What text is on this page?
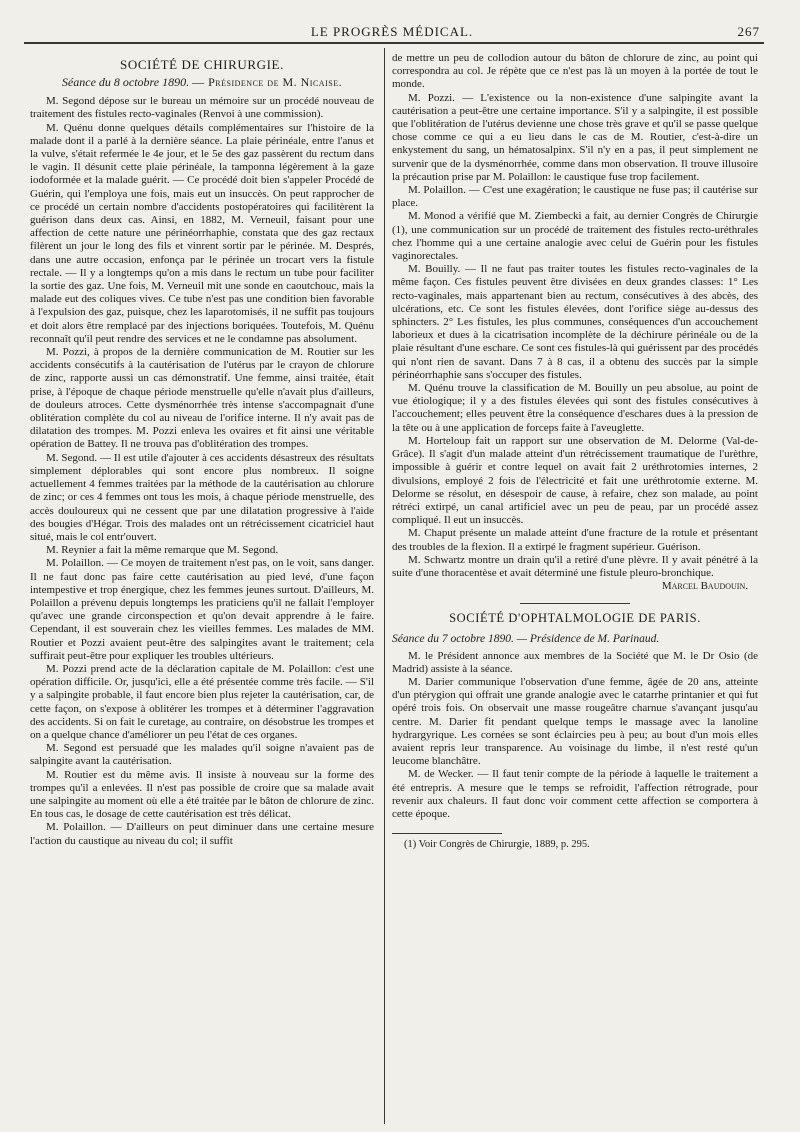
LE PROGRÈS MÉDICAL.	267
SOCIÉTÉ DE CHIRURGIE.
Séance du 8 octobre 1890. — Présidence de M. Nicaise.

M. Segond dépose sur le bureau un mémoire sur un procédé nouveau de traitement des fistules recto-vaginales (Renvoi à une commission).

M. Quénu donne quelques détails complémentaires sur l'histoire de la malade dont il a parlé à la dernière séance. La plaie périnéale, entre l'anus et la vulve, s'était refermée le 4e jour, et le 5e des gaz passèrent du rectum dans le vagin. Il désunit cette plaie périnéale, la tamponna légèrement à la gaze iodoformée et la malade guérit. — Ce procédé doit bien s'appeler Procédé de Guérin, qui l'employa une fois, mais eut un insuccès. On peut rapprocher de ce procédé un certain nombre d'accidents postopératoires qui facilitèrent la guérison dans deux cas. Ainsi, en 1882, M. Verneuil, faisant pour une affection de cette nature une périnéorrhaphie, constata que des gaz rectaux filèrent un jour le long des fils et vinrent sortir par le périnée. M. Després, dans une autre occasion, enfonça par le périnée un trocart vers la fistule rectale. — Il y a longtemps qu'on a mis dans le rectum un tube pour faciliter la sortie des gaz. Une fois, M. Verneuil mit une sonde en caoutchouc, mais la malade eut des coliques vives. Ce tube n'est pas une condition bien favorable à l'expulsion des gaz, puisque, chez les laparotomisés, il ne suffit pas toujours et doit alors être remplacé par des injections boriquées. Toutefois, M. Quénu reconnaît qu'il peut rendre des services et ne le condamne pas absolument.

M. Pozzi, à propos de la dernière communication de M. Routier sur les accidents consécutifs à la cautérisation de l'utérus par le crayon de chlorure de zinc, rapporte aussi un cas démonstratif. Une femme, ainsi traitée, était prise, à l'époque de chaque période menstruelle qu'elle n'avait plus d'ailleurs, de douleurs atroces. Cette dysménorrhée très intense s'accompagnait d'une oblitération complète du col au niveau de l'orifice interne. Il n'y avait pas de dilatation des trompes. M. Pozzi enleva les ovaires et fit ainsi une véritable opération de Battey. Il ne trouva pas d'oblitération des trompes.

M. Segond. — Il est utile d'ajouter à ces accidents désastreux des résultats simplement déplorables qui sont encore plus nombreux. Il soigne actuellement 4 femmes traitées par la méthode de la cautérisation au chlorure de zinc; or ces 4 femmes ont tous les mois, à chaque période menstruelle, des accès douloureux qui ne cessent que par une dilatation progressive à l'aide des bougies d'Hégar. Trois des malades ont un rétrécissement cicatriciel haut situé, mais le col entr'ouvert.

M. Reynier a fait la même remarque que M. Segond.

M. Polaillon. — Ce moyen de traitement n'est pas, on le voit, sans danger. Il ne faut donc pas faire cette cautérisation au pied levé, d'une façon intempestive et trop énergique, chez les femmes jeunes surtout. D'ailleurs, M. Polaillon a prévenu depuis longtemps les praticiens qu'il ne fallait l'employer qu'avec une grande circonspection et qu'on devait apprendre à le faire. Cependant, il est souverain chez les vieilles femmes. Les malades de MM. Routier et Pozzi avaient peut-être des salpingites avant le traitement; cela suffirait peut-être pour expliquer les troubles ultérieurs.

M. Pozzi prend acte de la déclaration capitale de M. Polaillon: c'est une opération difficile. Or, jusqu'ici, elle a été présentée comme très facile. — S'il y a salpingite probable, il faut encore bien plus rejeter la cautérisation, car, de cette façon, on s'expose à oblitérer les trompes et à déterminer l'aggravation des accidents. Si on fait le curetage, au contraire, on désobstrue les trompes et on a quelque chance d'améliorer un peu l'état de ces organes.

M. Segond est persuadé que les malades qu'il soigne n'avaient pas de salpingite avant la cautérisation.

M. Routier est du même avis. Il insiste à nouveau sur la forme des trompes qu'il a enlevées. Il n'est pas possible de croire que sa malade avait une salpingite au moment où elle a été traitée par le bâton de chlorure de zinc. En tous cas, le dosage de cette cautérisation est très délicat.

M. Polaillon. — D'ailleurs on peut diminuer dans une certaine mesure l'action du caustique au niveau du col; il suffit

de mettre un peu de collodion autour du bâton de chlorure de zinc, au point qui correspondra au col. Je répète que ce n'est pas là un moyen à la portée de tout le monde.

M. Pozzi. — L'existence ou la non-existence d'une salpingite avant la cautérisation a peut-être une certaine importance. S'il y a salpingite, il est possible que l'oblitération de l'utérus devienne une chose très grave et qu'il se passe quelque chose comme ce qui a eu lieu dans le cas de M. Routier, c'est-à-dire un enkystement du sang, un hématosalpinx. S'il n'y en a pas, il peut simplement ne survenir que de la dysménorrhée, comme dans mon observation. Il trouve illusoire la précaution prise par M. Polaillon: le caustique fuse trop facilement.

M. Polaillon. — C'est une exagération; le caustique ne fuse pas; il cautérise sur place.

M. Monod a vérifié que M. Ziembecki a fait, au dernier Congrès de Chirurgie (1), une communication sur un procédé de traitement des fistules recto-uréthrales chez l'homme qui a une certaine analogie avec celui de Guérin pour les fistules vaginorectales.

M. Bouilly. — Il ne faut pas traiter toutes les fistules recto-vaginales de la même façon. Ces fistules peuvent être divisées en deux grandes classes: 1° Les recto-vaginales, mais appartenant bien au rectum, consécutives à des abcès, des ulcérations, etc. Ce sont les fistules élevées, dont l'orifice siège au-dessus des sphincters. 2° Les fistules, les plus communes, conséquences d'un accouchement laborieux et dues à la cicatrisation incomplète de la déchirure périnéale ou de la plaie résultant d'une eschare. Ce sont ces fistules-là qui guérissent par des procédés qui n'ont rien de savant. Dans 7 à 8 cas, il a obtenu des succès par la simple périnéorrhaphie sans s'occuper des fistules.

M. Quénu trouve la classification de M. Bouilly un peu absolue, au point de vue étiologique; il y a des fistules élevées qui sont des fistules consécutives à l'accouchement; elles peuvent être la conséquence d'eschares dues à la pression de la tête ou à une application de forceps faite à l'aveuglette.

M. Horteloup fait un rapport sur une observation de M. Delorme (Val-de-Grâce). Il s'agit d'un malade atteint d'un rétrécissement traumatique de l'urèthre, impossible à guérir et contre lequel on avait fait 2 uréthrotomies internes, 2 divulsions, employé 2 fois de l'électricité et fait une uréthrotomie externe. M. Delorme se résolut, en désespoir de cause, à refaire, chez son malade, au point rétréci extirpé, un canal artificiel avec un peu de peau, par un procédé assez compliqué. Il eut un insuccès.

M. Chaput présente un malade atteint d'une fracture de la rotule et présentant des troubles de la flexion. Il a extirpé le fragment supérieur. Guérison.

M. Schwartz montre un drain qu'il a retiré d'une plèvre. Il y avait pénétré à la suite d'une thoracentèse et avait déterminé une fistule pleuro-bronchique.

Marcel Baudouin.
SOCIÉTÉ D'OPHTALMOLOGIE DE PARIS.
Séance du 7 octobre 1890. — Présidence de M. Parinaud.

M. le Président annonce aux membres de la Société que M. le Dr Osio (de Madrid) assiste à la séance.

M. Darier communique l'observation d'une femme, âgée de 20 ans, atteinte d'un ptérygion qui offrait une grande analogie avec le catarrhe printanier et qui fut opéré trois fois. On observait une masse rougeâtre charnue s'avançant jusqu'au centre. M. Darier fit pendant quelque temps le massage avec la lanoline hydrargyrique. Les cornées se sont éclaircies peu à peu; au bout d'un mois elles avaient repris leur transparence. Au voisinage du limbe, il n'est resté qu'un leucome blanchâtre.

M. de Wecker. — Il faut tenir compte de la période à laquelle le traitement a été entrepris. A mesure que le temps se refroidit, l'affection rétrograde, pour revenir aux chaleurs. Il faut donc voir comment cette affection se comportera à cette époque.

(1) Voir Congrès de Chirurgie, 1889, p. 295.
